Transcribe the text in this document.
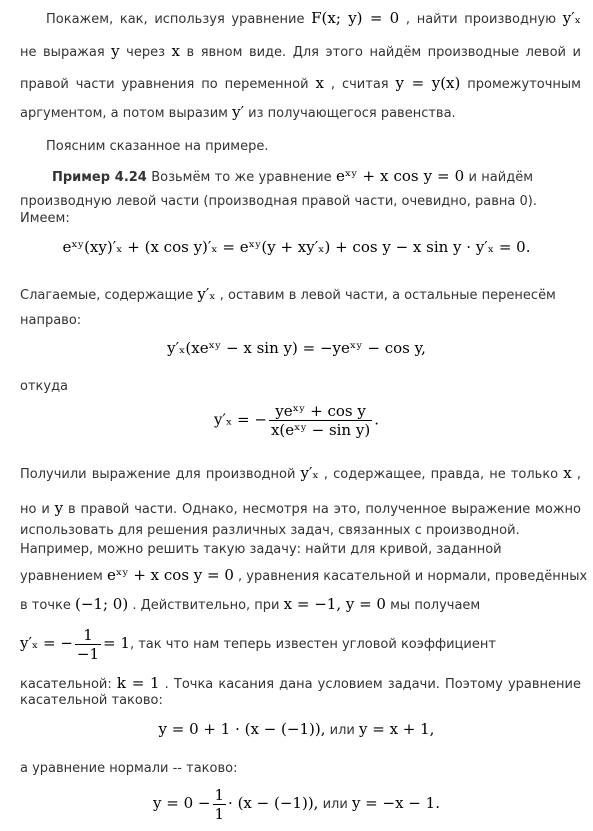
Покажем, как, используя уравнение F(x; y) = 0 , найти производную y′ₓ
не выражая y через x в явном виде. Для этого найдём производные левой и
правой части уравнения по переменной x , считая y = y(x) промежуточным
аргументом, а потом выразим y′ из получающегося равенства.
Поясним сказанное на примере.
Пример 4.24 Возьмём то же уравнение eˣʸ + x cos y = 0 и найдём
производную левой части (производная правой части, очевидно, равна 0).
Имеем:
eˣʸ(xy)′ₓ + (x cos y)′ₓ = eˣʸ(y + xy′ₓ) + cos y − x sin y · y′ₓ = 0.
Слагаемые, содержащие y′ₓ , оставим в левой части, а остальные перенесём
направо:
y′ₓ(xeˣʸ − x sin y) = −yeˣʸ − cos y,
откуда
y′ₓ = − $\frac{\text{yeˣʸ + cos y}}{\text{x(eˣʸ − sin y)}}$ .
Получили выражение для производной y′ₓ , содержащее, правда, не только x ,
но и y в правой части. Однако, несмотря на это, полученное выражение можно
использовать для решения различных задач, связанных с производной.
Например, можно решить такую задачу: найти для кривой, заданной
уравнением eˣʸ + x cos y = 0 , уравнения касательной и нормали, проведённых
в точке (−1; 0) . Действительно, при x = −1, y = 0 мы получаем
y′ₓ = − $\frac{1}{-1} = 1$, так что нам теперь известен угловой коэффициент
касательной: k = 1 . Точка касания дана условием задачи. Поэтому уравнение
касательной таково:
y = 0 + 1 · (x − (−1)), или y = x + 1,
а уравнение нормали -- таково:
$y = 0 - \frac{1}{1} \cdot (x - (-1))$, или y = −x − 1.
